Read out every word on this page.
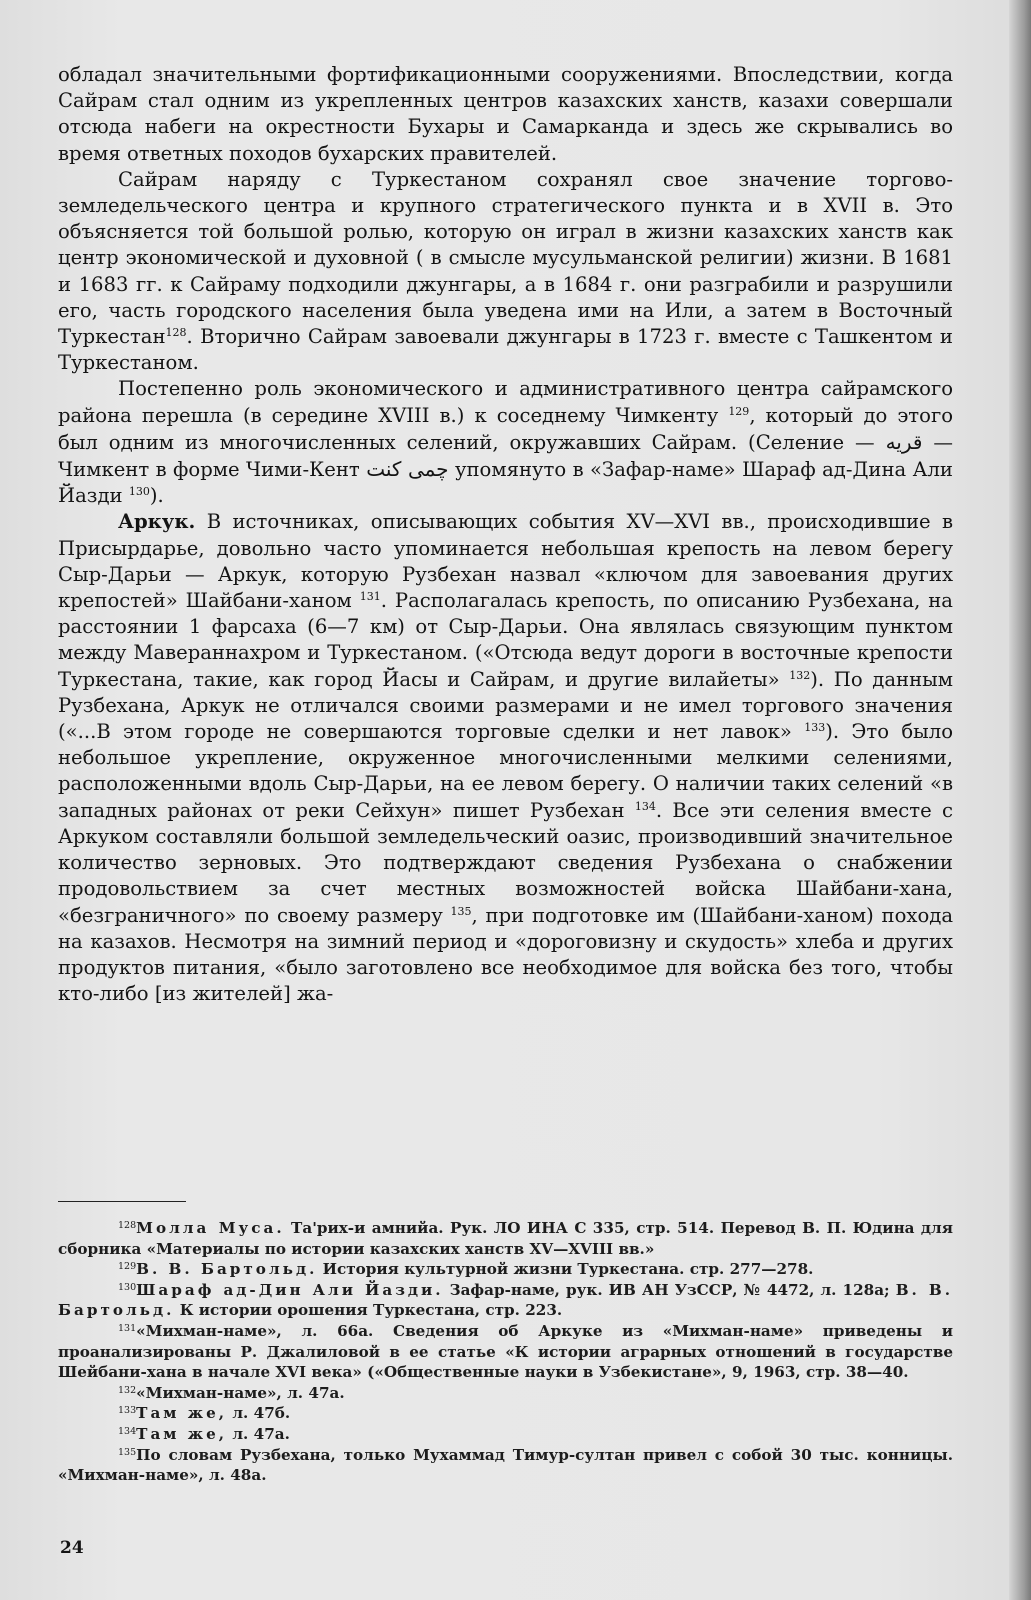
обладал значительными фортификационными сооружениями. Впоследствии, когда Сайрам стал одним из укрепленных центров казахских ханств, казахи совершали отсюда набеги на окрестности Бухары и Самарканда и здесь же скрывались во время ответных походов бухарских правителей.

Сайрам наряду с Туркестаном сохранял свое значение торгово-земледельческого центра и крупного стратегического пункта и в XVII в. Это объясняется той большой ролью, которую он играл в жизни казахских ханств как центр экономической и духовной ( в смысле мусульманской религии) жизни. В 1681 и 1683 гг. к Сайраму подходили джунгары, а в 1684 г. они разграбили и разрушили его, часть городского населения была уведена ими на Или, а затем в Восточный Туркестан$^{128}$. Вторично Сайрам завоевали джунгары в 1723 г. вместе с Ташкентом и Туркестаном.

Постепенно роль экономического и административного центра сайрамского района перешла (в середине XVIII в.) к соседнему Чимкенту $^{129}$, который до этого был одним из многочисленных селений, окружавших Сайрам. (Селение — قريه — Чимкент в форме Чими-Кент چمی کنت упомянуто в «Зафар-наме» Шараф ад-Дина Али Йазди $^{130}$).

Аркук. В источниках, описывающих события XV—XVI вв., происходившие в Присырдарье, довольно часто упоминается небольшая крепость на левом берегу Сыр-Дарьи — Аркук, которую Рузбехан назвал «ключом для завоевания других крепостей» Шайбани-ханом $^{131}$. Располагалась крепость, по описанию Рузбехана, на расстоянии 1 фарсаха (6—7 км) от Сыр-Дарьи. Она являлась связующим пунктом между Мавераннахром и Туркестаном. («Отсюда ведут дороги в восточные крепости Туркестана, такие, как город Йасы и Сайрам, и другие вилайеты» $^{132}$). По данным Рузбехана, Аркук не отличался своими размерами и не имел торгового значения («...В этом городе не совершаются торговые сделки и нет лавок» $^{133}$). Это было небольшое укрепление, окруженное многочисленными мелкими селениями, расположенными вдоль Сыр-Дарьи, на ее левом берегу. О наличии таких селений «в западных районах от реки Сейхун» пишет Рузбехан $^{134}$. Все эти селения вместе с Аркуком составляли большой земледельческий оазис, производивший значительное количество зерновых. Это подтверждают сведения Рузбехана о снабжении продовольствием за счет местных возможностей войска Шайбани-хана, «безграничного» по своему размеру $^{135}$, при подготовке им (Шайбани-ханом) похода на казахов. Несмотря на зимний период и «дороговизну и скудость» хлеба и других продуктов питания, «было заготовлено все необходимое для войска без того, чтобы кто-либо [из жителей] жа-

$^{128}$Молла Муса. Та'рих-и амнийа. Рук. ЛО ИНА С 335, стр. 514. Перевод В. П. Юдина для сборника «Материалы по истории казахских ханств XV—XVIII вв.»

$^{129}$В. В. Бартольд. История культурной жизни Туркестана. стр. 277—278.

$^{130}$Шараф ад-Дин Али Йазди. Зафар-наме, рук. ИВ АН УзССР, № 4472, л. 128а; В. В. Бартольд. К истории орошения Туркестана, стр. 223.

$^{131}$«Михман-наме», л. 66а. Сведения об Аркуке из «Михман-наме» приведены и проанализированы Р. Джалиловой в ее статье «К истории аграрных отношений в государстве Шейбани-хана в начале XVI века» («Общественные науки в Узбекистане», 9, 1963, стр. 38—40.

$^{132}$«Михман-наме», л. 47а.

$^{133}$Там же, л. 47б.

$^{134}$Там же, л. 47а.

$^{135}$По словам Рузбехана, только Мухаммад Тимур-султан привел с собой 30 тыс. конницы. «Михман-наме», л. 48а.

24
